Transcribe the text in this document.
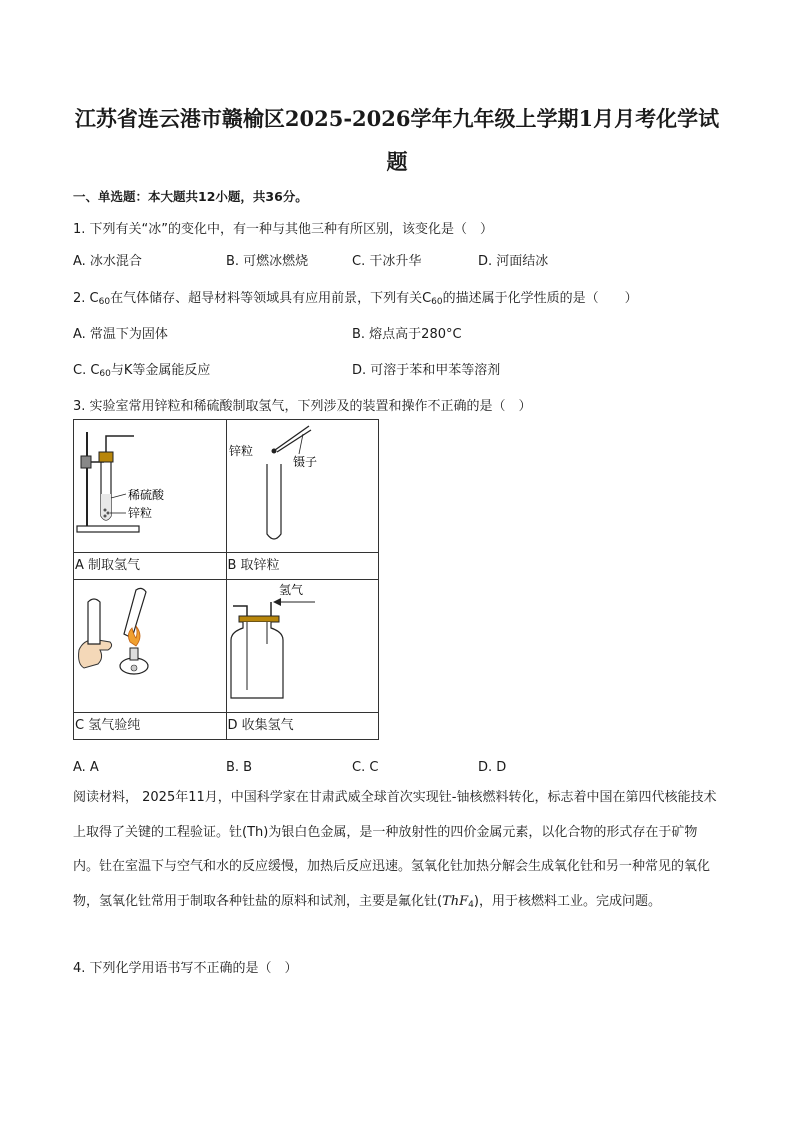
江苏省连云港市赣榆区2025-2026学年九年级上学期1月月考化学试
题
一、单选题：本大题共12小题，共36分。
1. 下列有关“冰”的变化中，有一种与其他三种有所区别，该变化是（　）
A. 冰水混合	B. 可燃冰燃烧	C. 干冰升华	D. 河面结冰
2. $C_{60}$在气体储存、超导材料等领域具有应用前景，下列有关$C_{60}$的描述属于化学性质的是（　　）
A. 常温下为固体	B. 熔点高于280°C
C. $C_{60}$与K等金属能反应	D. 可溶于苯和甲苯等溶剂
3. 实验室常用锌粒和稀硫酸制取氢气，下列涉及的装置和操作不正确的是（　）
稀硫酸
锌粒	锌粒
镊子

A 制取氢气	B 取锌粒

氢气

C 氢气验纯	D 收集氢气
A. A	B. B	C. C	D. D
阅读材料， 2025年11月，中国科学家在甘肃武威全球首次实现钍-铀核燃料转化，标志着中国在第四代核能技术上取得了关键的工程验证。钍(Th)为银白色金属，是一种放射性的四价金属元素，以化合物的形式存在于矿物内。钍在室温下与空气和水的反应缓慢，加热后反应迅速。氢氧化钍加热分解会生成氧化钍和另一种常见的氧化物，氢氧化钍常用于制取各种钍盐的原料和试剂，主要是氟化钍(ThF$_4$)，用于核燃料工业。完成问题。
4. 下列化学用语书写不正确的是（　）
